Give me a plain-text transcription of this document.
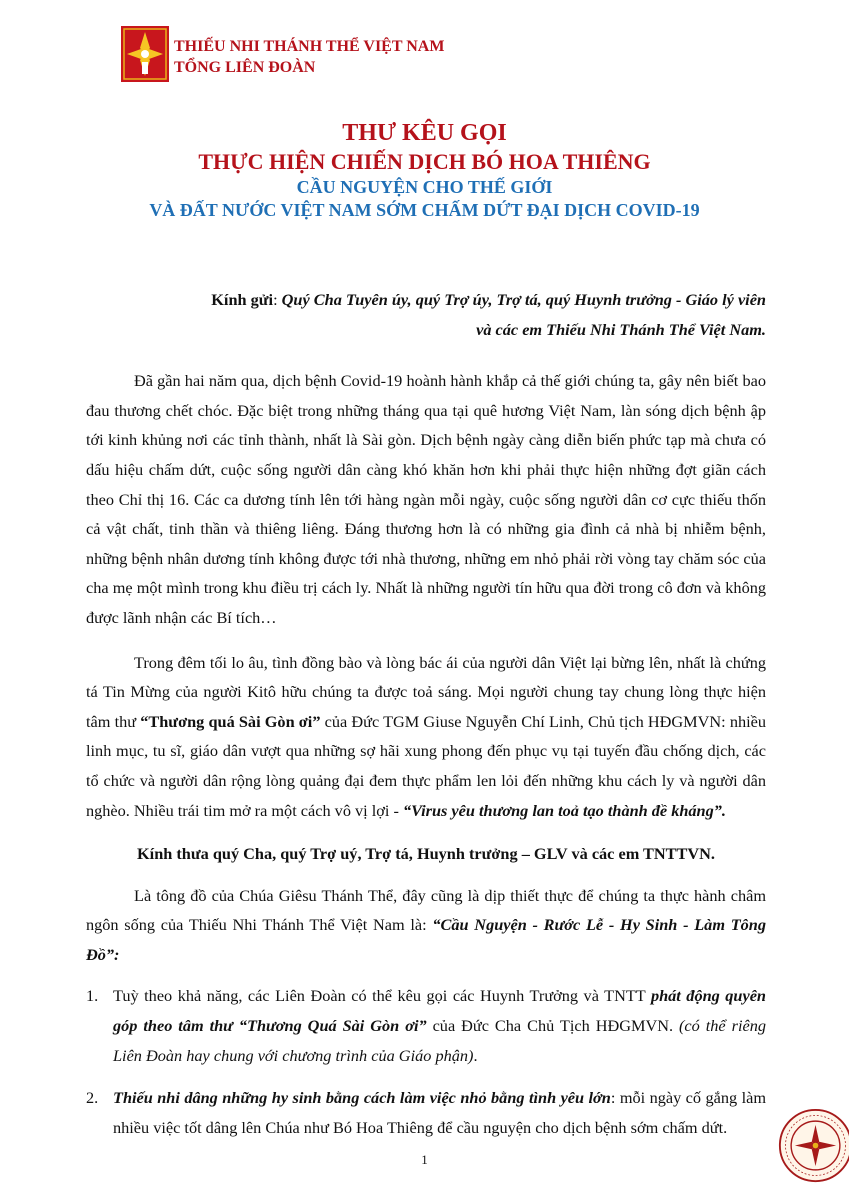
THIẾU NHI THÁNH THỂ VIỆT NAM
TỔNG LIÊN ĐOÀN
THƯ KÊU GỌI
THỰC HIỆN CHIẾN DỊCH BÓ HOA THIÊNG
CẦU NGUYỆN CHO THẾ GIỚI
VÀ ĐẤT NƯỚC VIỆT NAM SỚM CHẤM DỨT ĐẠI DỊCH COVID-19
Kính gửi: Quý Cha Tuyên úy, quý Trợ úy, Trợ tá, quý Huynh trưởng - Giáo lý viên
và các em Thiếu Nhi Thánh Thể Việt Nam.

Đã gần hai năm qua, dịch bệnh Covid-19 hoành hành khắp cả thế giới chúng ta, gây nên biết bao đau thương chết chóc. Đặc biệt trong những tháng qua tại quê hương Việt Nam, làn sóng dịch bệnh ập tới kinh khủng nơi các tỉnh thành, nhất là Sài gòn. Dịch bệnh ngày càng diễn biến phức tạp mà chưa có dấu hiệu chấm dứt, cuộc sống người dân càng khó khăn hơn khi phải thực hiện những đợt giãn cách theo Chỉ thị 16. Các ca dương tính lên tới hàng ngàn mỗi ngày, cuộc sống người dân cơ cực thiếu thốn cả vật chất, tinh thần và thiêng liêng. Đáng thương hơn là có những gia đình cả nhà bị nhiễm bệnh, những bệnh nhân dương tính không được tới nhà thương, những em nhỏ phải rời vòng tay chăm sóc của cha mẹ một mình trong khu điều trị cách ly. Nhất là những người tín hữu qua đời trong cô đơn và không được lãnh nhận các Bí tích…

Trong đêm tối lo âu, tình đồng bào và lòng bác ái của người dân Việt lại bừng lên, nhất là chứng tá Tin Mừng của người Kitô hữu chúng ta được toả sáng. Mọi người chung tay chung lòng thực hiện tâm thư “Thương quá Sài Gòn ơi” của Đức TGM Giuse Nguyễn Chí Linh, Chủ tịch HĐGMVN: nhiều linh mục, tu sĩ, giáo dân vượt qua những sợ hãi xung phong đến phục vụ tại tuyến đầu chống dịch, các tổ chức và người dân rộng lòng quảng đại đem thực phẩm len lỏi đến những khu cách ly và người dân nghèo. Nhiều trái tim mở ra một cách vô vị lợi - “Virus yêu thương lan toả tạo thành đề kháng”.

Kính thưa quý Cha, quý Trợ uý, Trợ tá, Huynh trưởng – GLV và các em TNTTVN.

Là tông đồ của Chúa Giêsu Thánh Thể, đây cũng là dịp thiết thực để chúng ta thực hành châm ngôn sống của Thiếu Nhi Thánh Thể Việt Nam là: “Cầu Nguyện - Rước Lễ - Hy Sinh - Làm Tông Đồ”:

1. Tuỳ theo khả năng, các Liên Đoàn có thể kêu gọi các Huynh Trưởng và TNTT phát động quyên góp theo tâm thư “Thương Quá Sài Gòn ơi” của Đức Cha Chủ Tịch HĐGMVN. (có thể riêng Liên Đoàn hay chung với chương trình của Giáo phận).
2. Thiếu nhi dâng những hy sinh bằng cách làm việc nhỏ bằng tình yêu lớn: mỗi ngày cố gắng làm nhiều việc tốt dâng lên Chúa như Bó Hoa Thiêng để cầu nguyện cho dịch bệnh sớm chấm dứt.
1
